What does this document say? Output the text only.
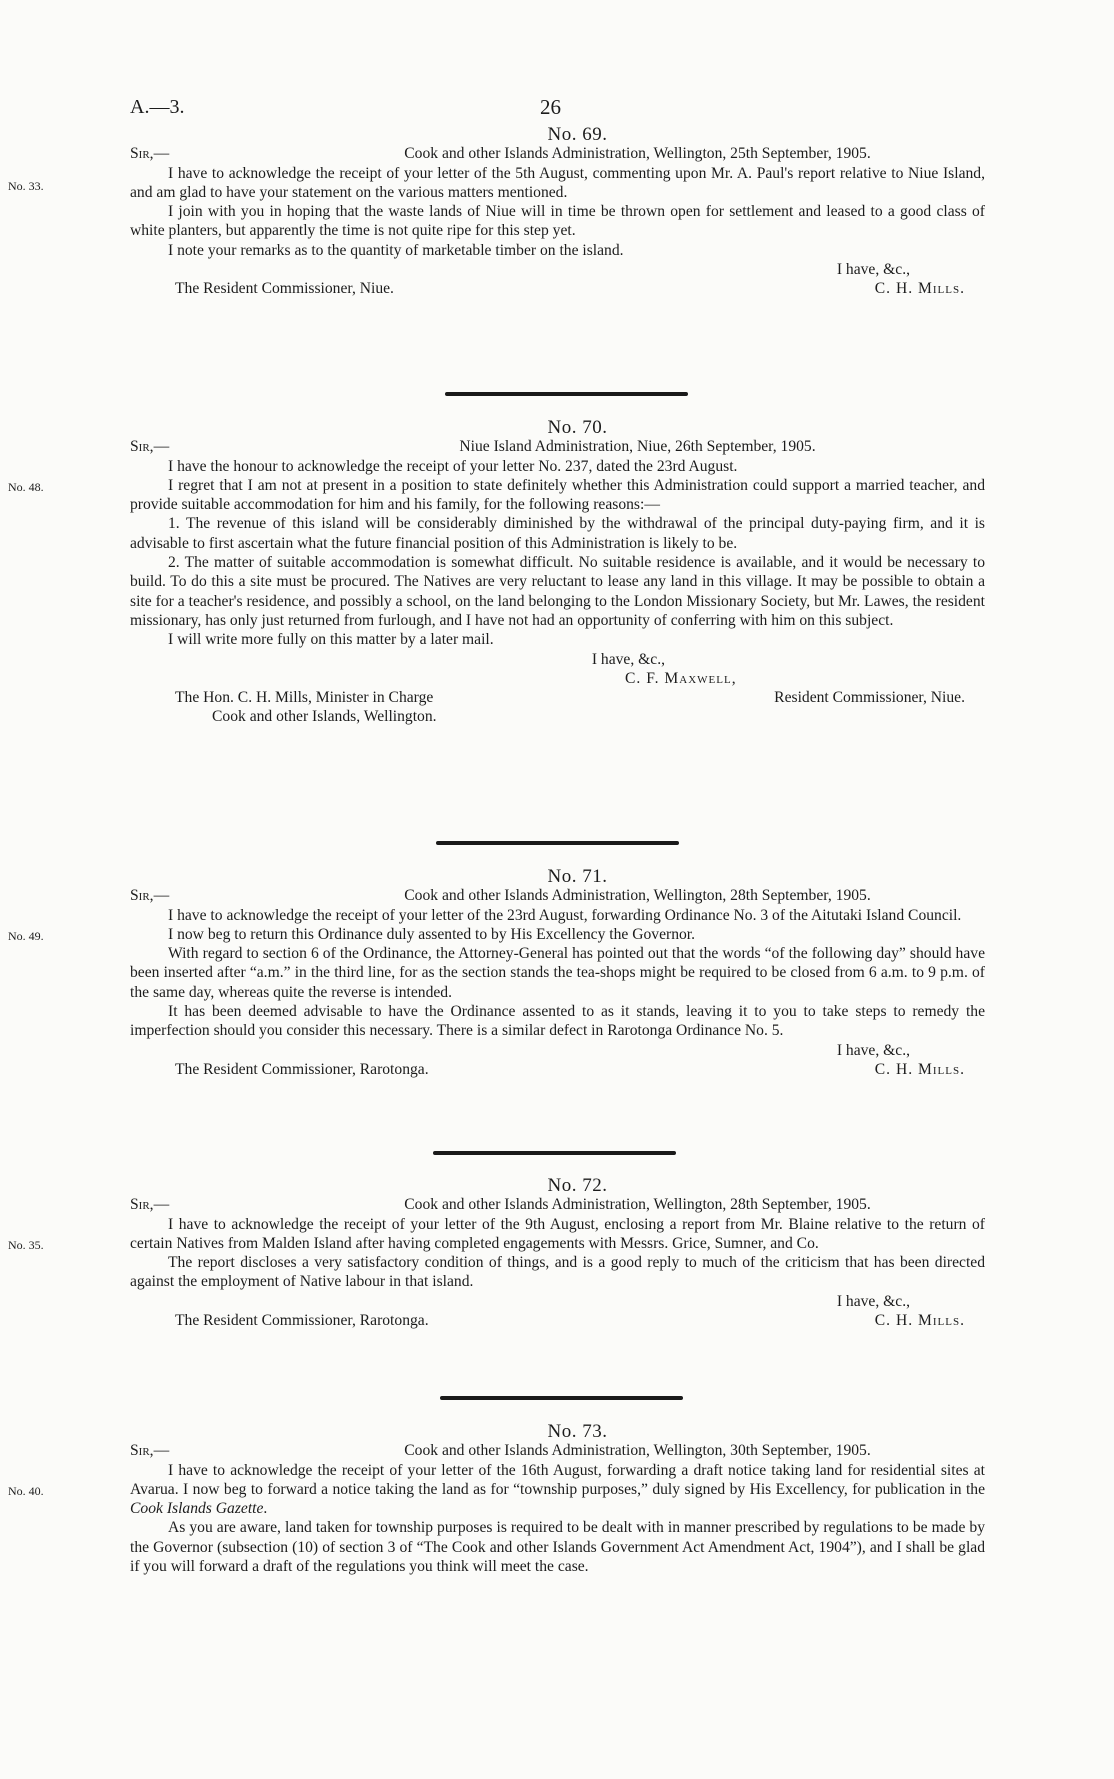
A.—3.	26
No. 69.
No. 33.
Sir,—	Cook and other Islands Administration, Wellington, 25th September, 1905.

I have to acknowledge the receipt of your letter of the 5th August, commenting upon Mr. A. Paul's report relative to Niue Island, and am glad to have your statement on the various matters mentioned.

I join with you in hoping that the waste lands of Niue will in time be thrown open for settlement and leased to a good class of white planters, but apparently the time is not quite ripe for this step yet.

I note your remarks as to the quantity of marketable timber on the island.

I have, &c.,
The Resident Commissioner, Niue.	C. H. Mills.
No. 70.
No. 48.
Sir,—	Niue Island Administration, Niue, 26th September, 1905.

I have the honour to acknowledge the receipt of your letter No. 237, dated the 23rd August.

I regret that I am not at present in a position to state definitely whether this Administration could support a married teacher, and provide suitable accommodation for him and his family, for the following reasons:—

1. The revenue of this island will be considerably diminished by the withdrawal of the principal duty-paying firm, and it is advisable to first ascertain what the future financial position of this Administration is likely to be.

2. The matter of suitable accommodation is somewhat difficult. No suitable residence is available, and it would be necessary to build. To do this a site must be procured. The Natives are very reluctant to lease any land in this village. It may be possible to obtain a site for a teacher's residence, and possibly a school, on the land belonging to the London Missionary Society, but Mr. Lawes, the resident missionary, has only just returned from furlough, and I have not had an opportunity of conferring with him on this subject.

I will write more fully on this matter by a later mail.

I have, &c.,
C. F. Maxwell,
The Hon. C. H. Mills, Minister in Charge	Resident Commissioner, Niue.
Cook and other Islands, Wellington.
No. 71.
No. 49.
Sir,—	Cook and other Islands Administration, Wellington, 28th September, 1905.

I have to acknowledge the receipt of your letter of the 23rd August, forwarding Ordinance No. 3 of the Aitutaki Island Council.

I now beg to return this Ordinance duly assented to by His Excellency the Governor.

With regard to section 6 of the Ordinance, the Attorney-General has pointed out that the words “of the following day” should have been inserted after “a.m.” in the third line, for as the section stands the tea-shops might be required to be closed from 6 a.m. to 9 p.m. of the same day, whereas quite the reverse is intended.

It has been deemed advisable to have the Ordinance assented to as it stands, leaving it to you to take steps to remedy the imperfection should you consider this necessary. There is a similar defect in Rarotonga Ordinance No. 5.

I have, &c.,
The Resident Commissioner, Rarotonga.	C. H. Mills.
No. 72.
No. 35.
Sir,—	Cook and other Islands Administration, Wellington, 28th September, 1905.

I have to acknowledge the receipt of your letter of the 9th August, enclosing a report from Mr. Blaine relative to the return of certain Natives from Malden Island after having completed engagements with Messrs. Grice, Sumner, and Co.

The report discloses a very satisfactory condition of things, and is a good reply to much of the criticism that has been directed against the employment of Native labour in that island.

I have, &c.,
The Resident Commissioner, Rarotonga.	C. H. Mills.
No. 73.
No. 40.
Sir,—	Cook and other Islands Administration, Wellington, 30th September, 1905.

I have to acknowledge the receipt of your letter of the 16th August, forwarding a draft notice taking land for residential sites at Avarua. I now beg to forward a notice taking the land as for “township purposes,” duly signed by His Excellency, for publication in the Cook Islands Gazette.

As you are aware, land taken for township purposes is required to be dealt with in manner prescribed by regulations to be made by the Governor (subsection (10) of section 3 of “The Cook and other Islands Government Act Amendment Act, 1904”), and I shall be glad if you will forward a draft of the regulations you think will meet the case.
